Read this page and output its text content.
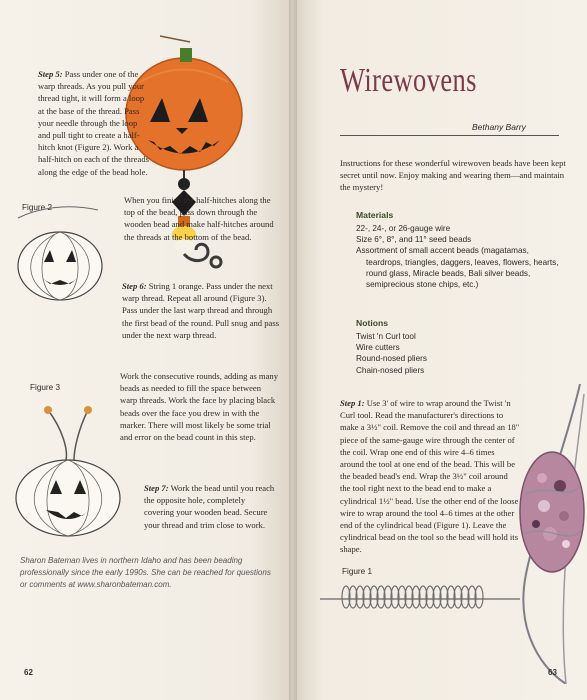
Step 5: Pass under one of the warp threads. As you pull your thread tight, it will form a loop at the base of the thread. Pass your needle through the loop and pull tight to create a half-hitch knot (Figure 2). Work a half-hitch on each of the threads along the edge of the bead hole.
Figure 2
When you finish the half-hitches along the top of the bead, pass down through the wooden bead and make half-hitches around the threads at the bottom of the bead.
Step 6: String 1 orange. Pass under the next warp thread. Repeat all around (Figure 3). Pass under the last warp thread and through the first bead of the round. Pull snug and pass under the next warp thread.
Work the consecutive rounds, adding as many beads as needed to fill the space between warp threads. Work the face by placing black beads over the face you drew in with the marker. There will most likely be some trial and error on the bead count in this step.
Figure 3
Step 7: Work the bead until you reach the opposite hole, completely covering your wooden bead. Secure your thread and trim close to work.
Sharon Bateman lives in northern Idaho and has been beading professionally since the early 1990s. She can be reached for questions or comments at www.sharonbateman.com.
62
Wirewovens
Bethany Barry
Instructions for these wonderful wirewoven beads have been kept secret until now. Enjoy making and wearing them—and maintain the mystery!
Materials
22-, 24-, or 26-gauge wire
Size 6°, 8°, and 11° seed beads
Assortment of small accent beads (magatamas,
teardrops, triangles, daggers, leaves, flowers, hearts,
round glass, Miracle beads, Bali silver beads,
semiprecious stone chips, etc.)
Notions
Twist 'n Curl tool
Wire cutters
Round-nosed pliers
Chain-nosed pliers
Step 1: Use 3' of wire to wrap around the Twist 'n Curl tool. Read the manufacturer's directions to make a 3½" coil. Remove the coil and thread an 18" piece of the same-gauge wire through the center of the coil. Wrap one end of this wire 4–6 times around the tool at one end of the bead. This will be the beaded bead's end. Wrap the 3½" coil around the tool right next to the bead end to make a cylindrical 1½" bead. Use the other end of the loose wire to wrap around the tool 4–6 times at the other end of the cylindrical bead (Figure 1). Leave the cylindrical bead on the tool so the bead will hold its shape.
Figure 1
63
